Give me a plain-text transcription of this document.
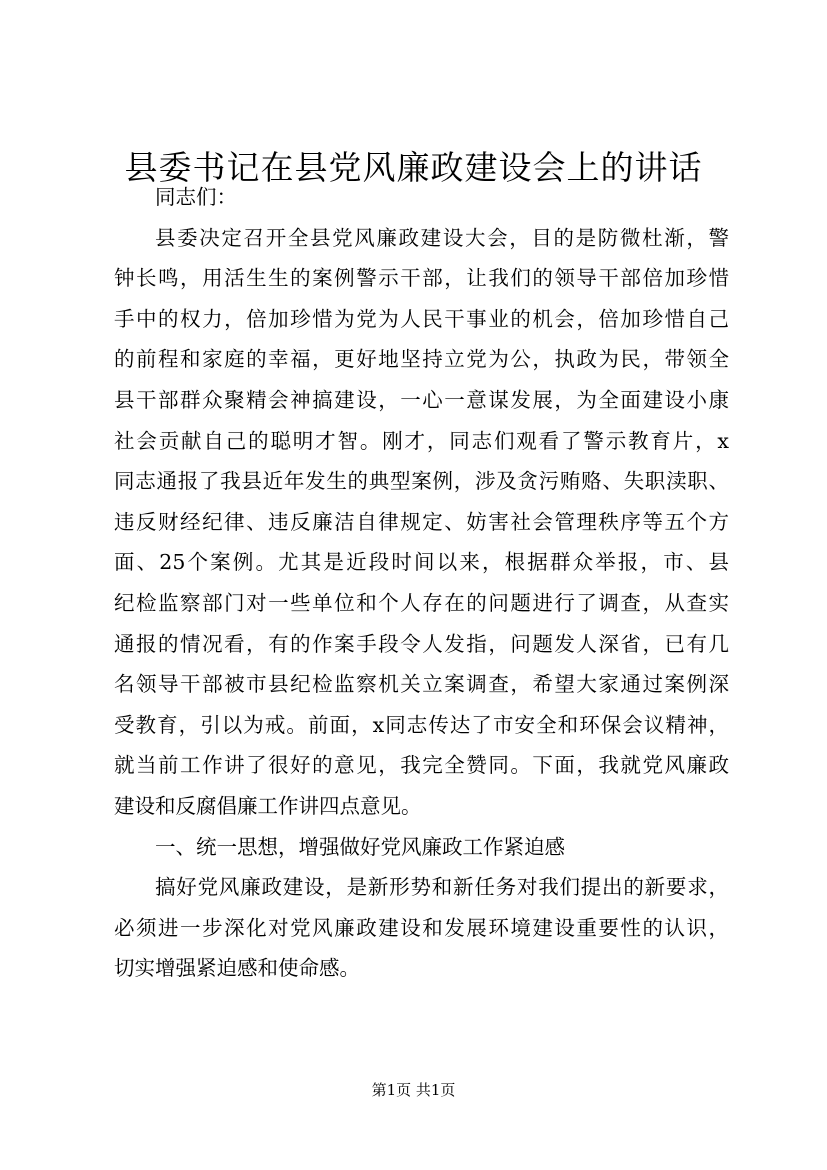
县委书记在县党风廉政建设会上的讲话
同志们：
县委决定召开全县党风廉政建设大会，目的是防微杜渐，警
钟长鸣，用活生生的案例警示干部，让我们的领导干部倍加珍惜
手中的权力，倍加珍惜为党为人民干事业的机会，倍加珍惜自己
的前程和家庭的幸福，更好地坚持立党为公，执政为民，带领全
县干部群众聚精会神搞建设，一心一意谋发展，为全面建设小康
社会贡献自己的聪明才智。刚才，同志们观看了警示教育片，x
同志通报了我县近年发生的典型案例，涉及贪污贿赂、失职渎职、
违反财经纪律、违反廉洁自律规定、妨害社会管理秩序等五个方
面、25个案例。尤其是近段时间以来，根据群众举报，市、县
纪检监察部门对一些单位和个人存在的问题进行了调查，从查实
通报的情况看，有的作案手段令人发指，问题发人深省，已有几
名领导干部被市县纪检监察机关立案调查，希望大家通过案例深
受教育，引以为戒。前面，x同志传达了市安全和环保会议精神，
就当前工作讲了很好的意见，我完全赞同。下面，我就党风廉政
建设和反腐倡廉工作讲四点意见。
一、统一思想，增强做好党风廉政工作紧迫感
搞好党风廉政建设，是新形势和新任务对我们提出的新要求，
必须进一步深化对党风廉政建设和发展环境建设重要性的认识，
切实增强紧迫感和使命感。
第1页 共1页
